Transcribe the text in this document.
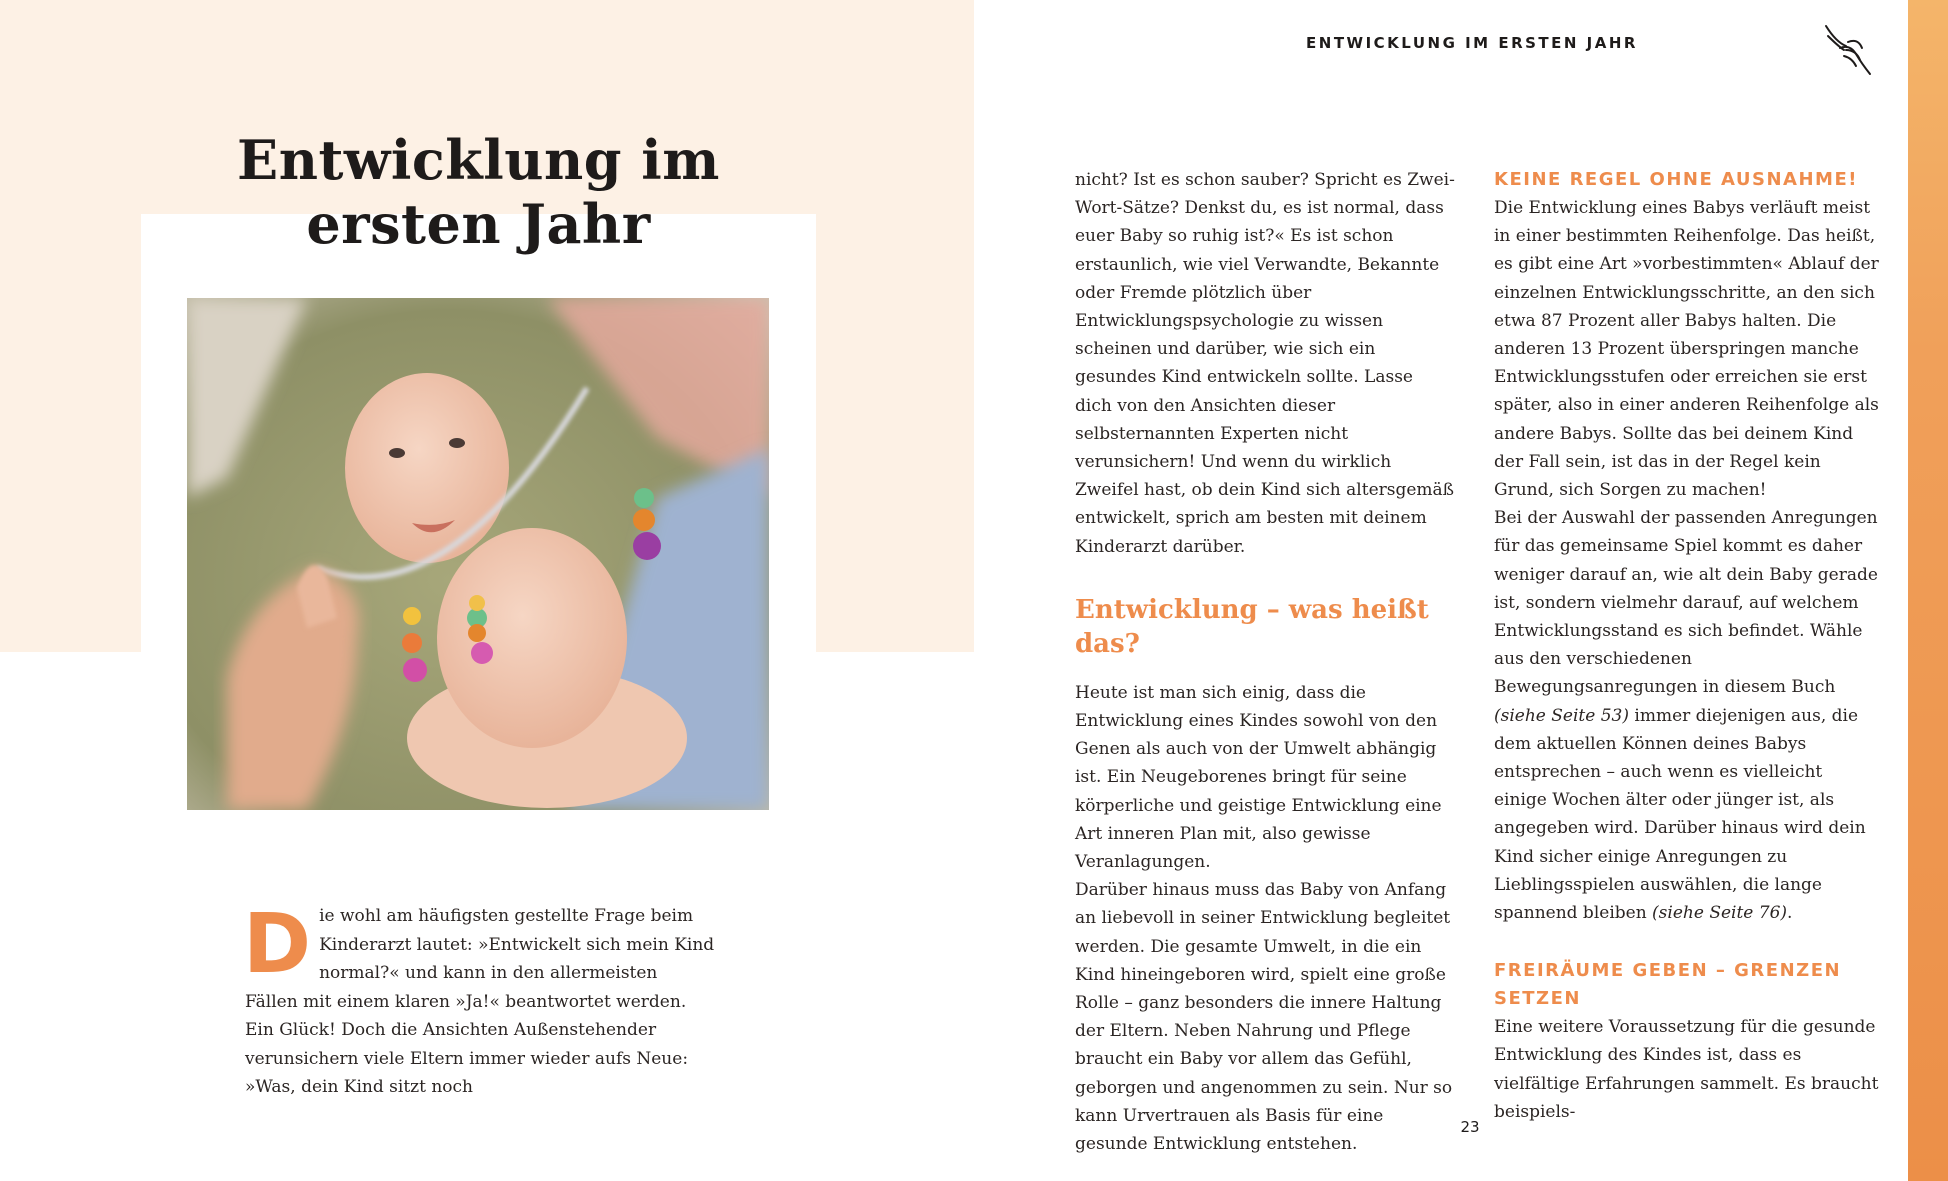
Entwicklung im ersten Jahr

D ie wohl am häufigsten gestellte Frage beim Kinderarzt lautet: »Entwickelt sich mein Kind normal?« und kann in den allermeisten Fällen mit einem klaren »Ja!« beantwortet werden. Ein Glück! Doch die Ansichten Außenstehender verunsichern viele Eltern immer wieder aufs Neue: »Was, dein Kind sitzt noch

ENTWICKLUNG IM ERSTEN JAHR

nicht? Ist es schon sauber? Spricht es Zwei-Wort-Sätze? Denkst du, es ist normal, dass euer Baby so ruhig ist?« Es ist schon erstaunlich, wie viel Verwandte, Bekannte oder Fremde plötzlich über Entwicklungspsychologie zu wissen scheinen und darüber, wie sich ein gesundes Kind entwickeln sollte. Lasse dich von den Ansichten dieser selbsternannten Experten nicht verunsichern! Und wenn du wirklich Zweifel hast, ob dein Kind sich altersgemäß entwickelt, sprich am besten mit deinem Kinderarzt darüber.

Entwicklung – was heißt das?

Heute ist man sich einig, dass die Entwicklung eines Kindes sowohl von den Genen als auch von der Umwelt abhängig ist. Ein Neugeborenes bringt für seine körperliche und geistige Entwicklung eine Art inneren Plan mit, also gewisse Veranlagungen.

Darüber hinaus muss das Baby von Anfang an liebevoll in seiner Entwicklung begleitet werden. Die gesamte Umwelt, in die ein Kind hineingeboren wird, spielt eine große Rolle – ganz besonders die innere Haltung der Eltern. Neben Nahrung und Pflege braucht ein Baby vor allem das Gefühl, geborgen und angenommen zu sein. Nur so kann Urvertrauen als Basis für eine gesunde Entwicklung entstehen.

KEINE REGEL OHNE AUSNAHME!

Die Entwicklung eines Babys verläuft meist in einer bestimmten Reihenfolge. Das heißt, es gibt eine Art »vorbestimmten« Ablauf der einzelnen Entwicklungsschritte, an den sich etwa 87 Prozent aller Babys halten. Die anderen 13 Prozent überspringen manche Entwicklungsstufen oder erreichen sie erst später, also in einer anderen Reihenfolge als andere Babys. Sollte das bei deinem Kind der Fall sein, ist das in der Regel kein Grund, sich Sorgen zu machen!

Bei der Auswahl der passenden Anregungen für das gemeinsame Spiel kommt es daher weniger darauf an, wie alt dein Baby gerade ist, sondern vielmehr darauf, auf welchem Entwicklungsstand es sich befindet. Wähle aus den verschiedenen Bewegungsanregungen in diesem Buch (siehe Seite 53) immer diejenigen aus, die dem aktuellen Können deines Babys entsprechen – auch wenn es vielleicht einige Wochen älter oder jünger ist, als angegeben wird. Darüber hinaus wird dein Kind sicher einige Anregungen zu Lieblingsspielen auswählen, die lange spannend bleiben (siehe Seite 76).

FREIRÄUME GEBEN – GRENZEN SETZEN

Eine weitere Voraussetzung für die gesunde Entwicklung des Kindes ist, dass es vielfältige Erfahrungen sammelt. Es braucht beispiels-

23
